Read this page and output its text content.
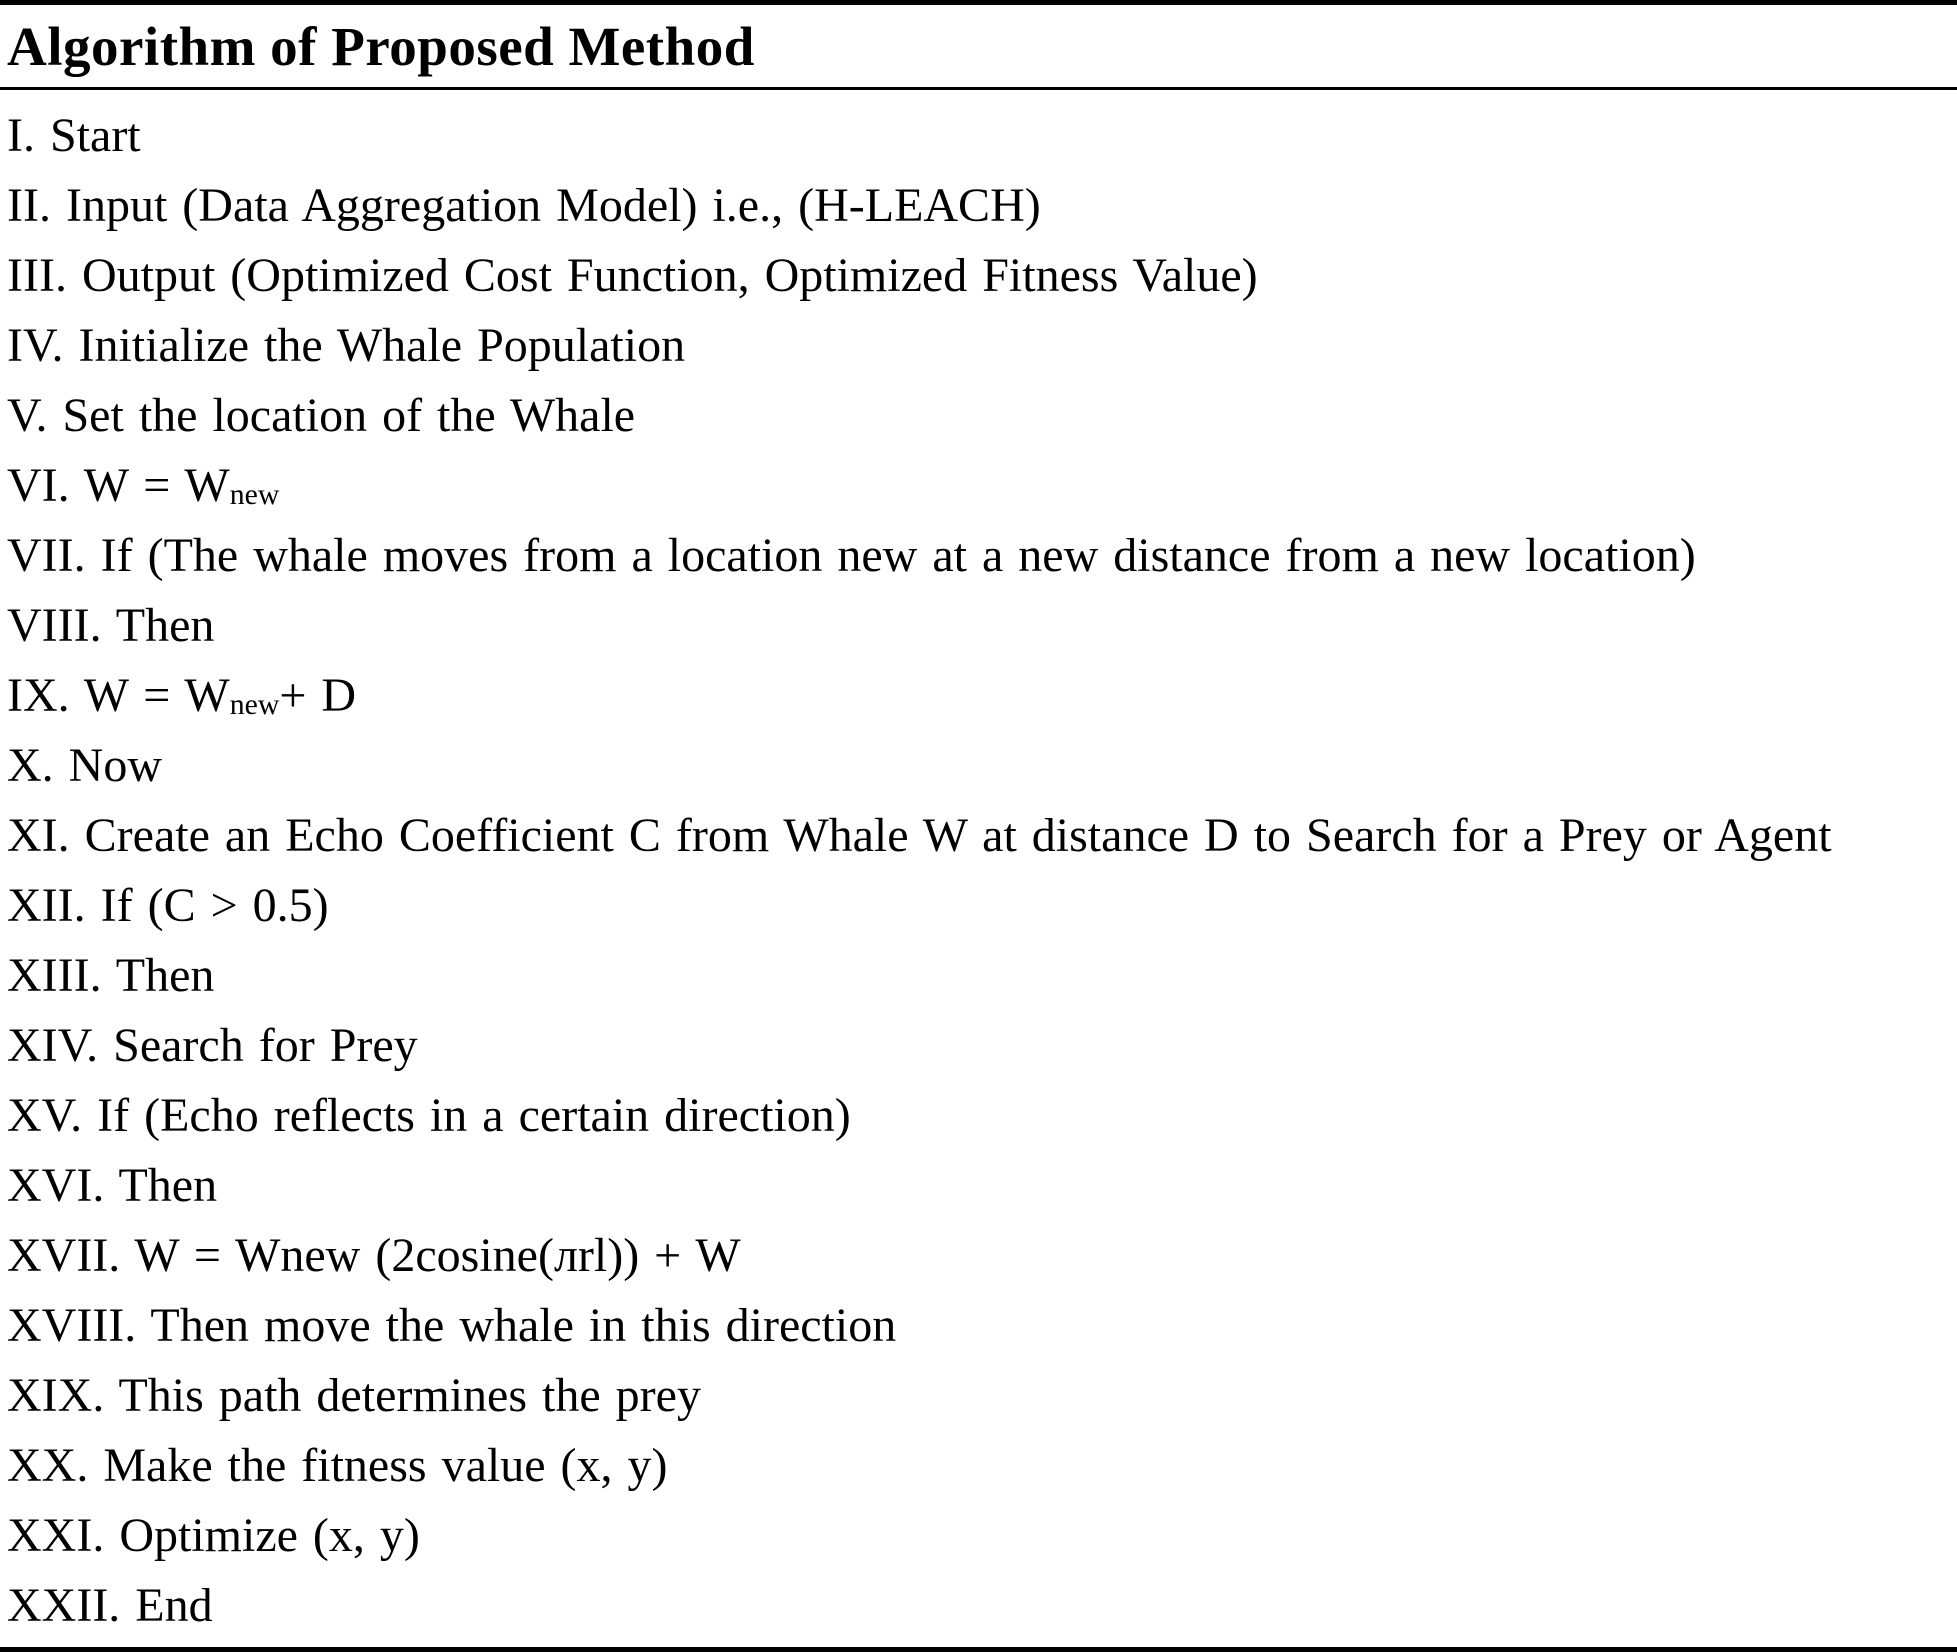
Algorithm of Proposed Method
I. Start
II. Input (Data Aggregation Model) i.e., (H-LEACH)
III. Output (Optimized Cost Function, Optimized Fitness Value)
IV. Initialize the Whale Population
V. Set the location of the Whale
VI. W = W new
VII. If (The whale moves from a location new at a new distance from a new location)
VIII. Then
IX. W = W new + D
X. Now
XI. Create an Echo Coefficient C from Whale W at distance D to Search for a Prey or Agent
XII. If (C > 0.5)
XIII. Then
XIV. Search for Prey
XV. If (Echo reflects in a certain direction)
XVI. Then
XVII. W = Wnew (2cosine(лrl)) + W
XVIII. Then move the whale in this direction
XIX. This path determines the prey
XX. Make the fitness value (x, y)
XXI. Optimize (x, y)
XXII. End
